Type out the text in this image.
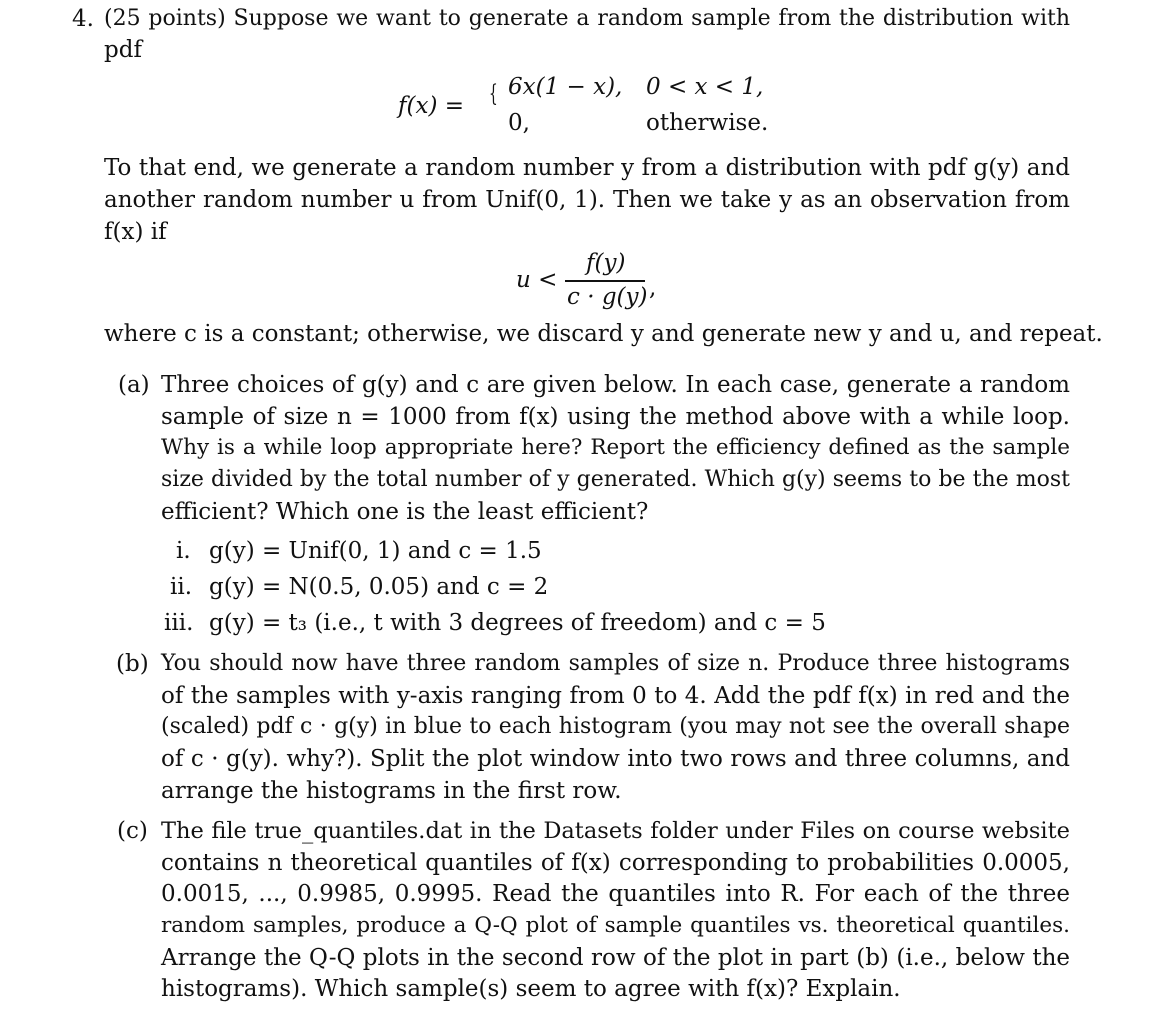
4. (25 points) Suppose we want to generate a random sample from the distribution with
pdf
f(x) = { 6x(1 − x), 0 < x < 1,
0,	otherwise.
To that end, we generate a random number y from a distribution with pdf g(y) and
another random number u from Unif(0, 1). Then we take y as an observation from
f(x) if
u <
f(y)
c · g(y) ,
where c is a constant; otherwise, we discard y and generate new y and u, and repeat.
(a) Three choices of g(y) and c are given below. In each case, generate a random
sample of size n = 1000 from f(x) using the method above with a while loop.
Why is a while loop appropriate here? Report the efficiency defined as the sample
size divided by the total number of y generated. Which g(y) seems to be the most
efficient? Which one is the least efficient?
i. g(y) = Unif(0, 1) and c = 1.5
ii. g(y) = N(0.5, 0.05) and c = 2
iii. g(y) = t₃ (i.e., t with 3 degrees of freedom) and c = 5
(b) You should now have three random samples of size n. Produce three histograms
of the samples with y-axis ranging from 0 to 4. Add the pdf f(x) in red and the
(scaled) pdf c · g(y) in blue to each histogram (you may not see the overall shape
of c · g(y). why?). Split the plot window into two rows and three columns, and
arrange the histograms in the first row.
(c) The file true_quantiles.dat in the Datasets folder under Files on course website
contains n theoretical quantiles of f(x) corresponding to probabilities 0.0005,
0.0015, ..., 0.9985, 0.9995. Read the quantiles into R. For each of the three
random samples, produce a Q-Q plot of sample quantiles vs. theoretical quantiles.
Arrange the Q-Q plots in the second row of the plot in part (b) (i.e., below the
histograms). Which sample(s) seem to agree with f(x)? Explain.
